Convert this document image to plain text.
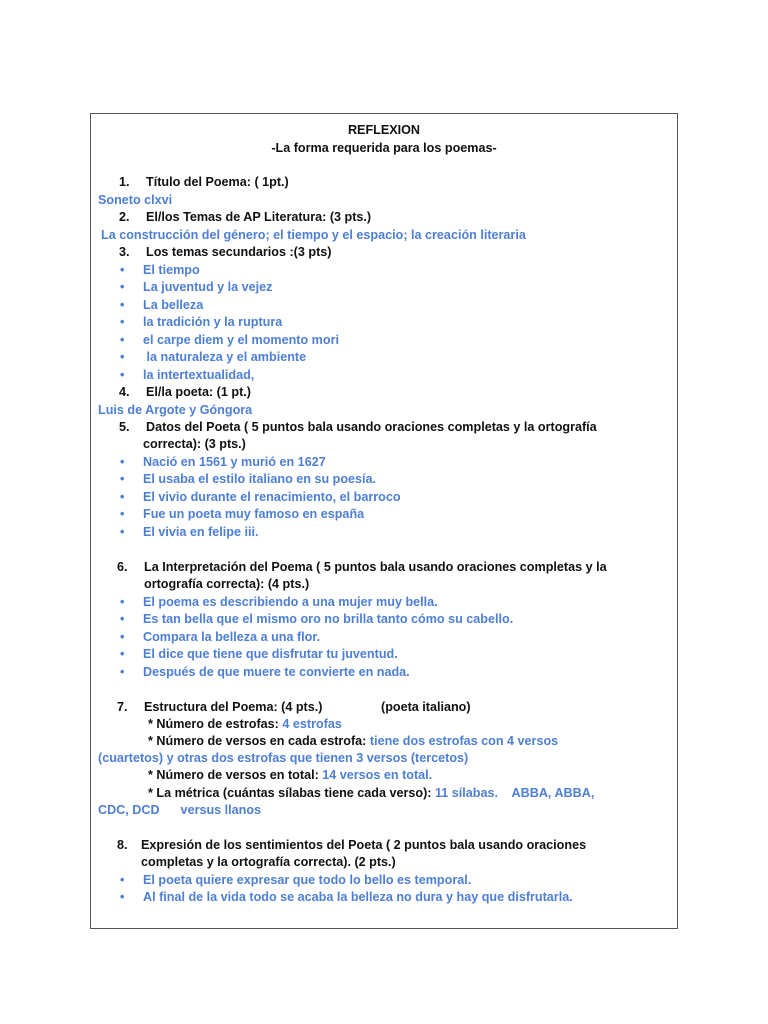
REFLEXION
-La forma requerida para los poemas-
1. Título del Poema: ( 1pt.)
Soneto clxvi
2. El/los Temas de AP Literatura: (3 pts.)
La construcción del género; el tiempo y el espacio; la creación literaria
3. Los temas secundarios :(3 pts)
• El tiempo
• La juventud y la vejez
• La belleza
• la tradición y la ruptura
• el carpe diem y el momento mori
•  la naturaleza y el ambiente
• la intertextualidad,
4. El/la poeta: (1 pt.)
Luis de Argote y Góngora
5. Datos del Poeta ( 5 puntos bala usando oraciones completas y la ortografía
correcta): (3 pts.)
• Nació en 1561 y murió en 1627
• El usaba el estilo italiano en su poesía.
• El vivio durante el renacimiento, el barroco
• Fue un poeta muy famoso en españa
• El vivia en felipe iii.
6. La Interpretación del Poema ( 5 puntos bala usando oraciones completas y la
ortografía correcta): (4 pts.)
• El poema es describiendo a una mujer muy bella.
• Es tan bella que el mismo oro no brilla tanto cómo su cabello.
• Compara la belleza a una flor.
• El dice que tiene que disfrutar tu juventud.
• Después de que muere te convierte en nada.
7. Estructura del Poema: (4 pts.)	(poeta italiano)
* Número de estrofas: 4 estrofas
* Número de versos en cada estrofa: tiene dos estrofas con 4 versos
(cuartetos) y otras dos estrofas que tienen 3 versos (tercetos)
* Número de versos en total: 14 versos en total.
* La métrica (cuántas sílabas tiene cada verso): 11 sílabas.    ABBA, ABBA,
CDC, DCD      versus llanos
8. Expresión de los sentimientos del Poeta ( 2 puntos bala usando oraciones
completas y la ortografía correcta). (2 pts.)
• El poeta quiere expresar que todo lo bello es temporal.
• Al final de la vida todo se acaba la belleza no dura y hay que disfrutarla.
